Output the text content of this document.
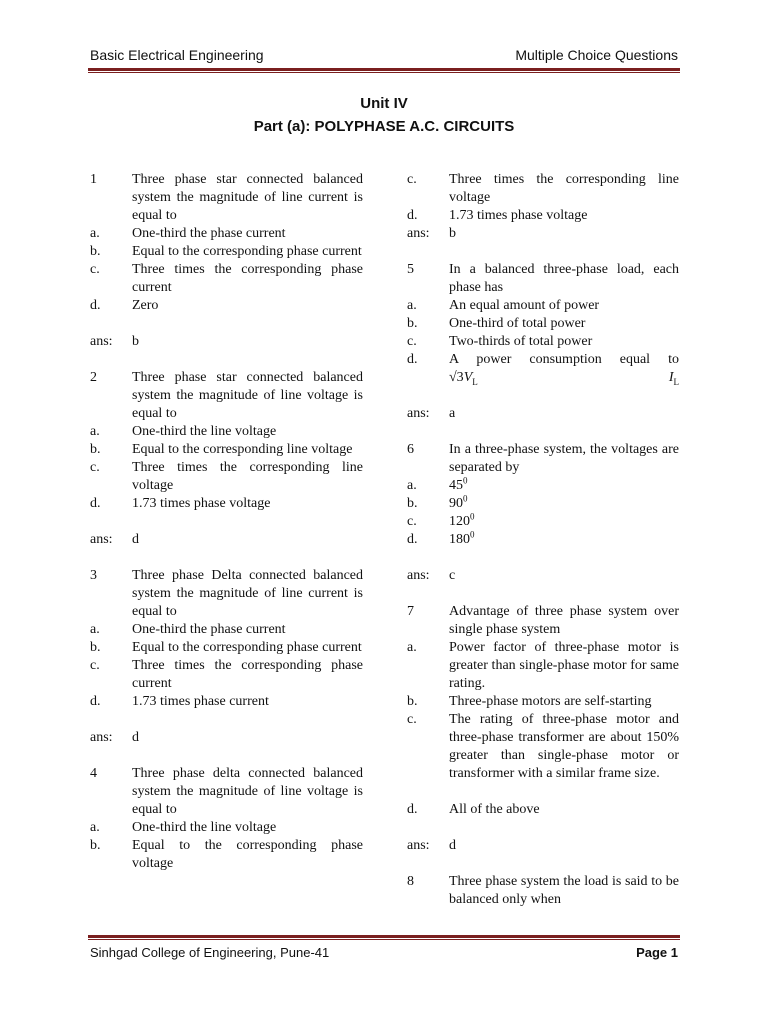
Basic Electrical Engineering	Multiple Choice Questions
Unit IV
Part (a): POLYPHASE A.C. CIRCUITS
1	Three phase star connected balanced system the magnitude of line current is equal to
a.	One-third the phase current
b.	Equal to the corresponding phase current
c.	Three times the corresponding phase current
d.	Zero
ans:	b
2	Three phase star connected balanced system the magnitude of line voltage is equal to
a.	One-third the line voltage
b.	Equal to the corresponding line voltage
c.	Three times the corresponding line voltage
d.	1.73 times phase voltage
ans:	d
3	Three phase Delta connected balanced system the magnitude of line current is equal to
a.	One-third the phase current
b.	Equal to the corresponding phase current
c.	Three times the corresponding phase current
d.	1.73 times phase current
ans:	d
4	Three phase delta connected balanced system the magnitude of line voltage is equal to
a.	One-third the line voltage
b.	Equal to the corresponding phase voltage
c.	Three times the corresponding line voltage
d.	1.73 times phase voltage
ans:	b
5	In a balanced three-phase load, each phase has
a.	An equal amount of power
b.	One-third of total power
c.	Two-thirds of total power
d.	A power consumption equal to
$√3V_L$	$I_L$
ans:	a
6	In a three-phase system, the voltages are separated by
a.	$45^0$
b.	$90^0$
c.	$120^0$
d.	$180^0$
ans:	c
7	Advantage of three phase system over single phase system
a.	Power factor of three-phase motor is greater than single-phase motor for same rating.
b.	Three-phase motors are self-starting
c.	The rating of three-phase motor and three-phase transformer are about 150% greater than single-phase motor or transformer with a similar frame size.
d.	All of the above
ans:	d
8	Three phase system the load is said to be balanced only when
Sinhgad College of Engineering, Pune-41	Page 1
